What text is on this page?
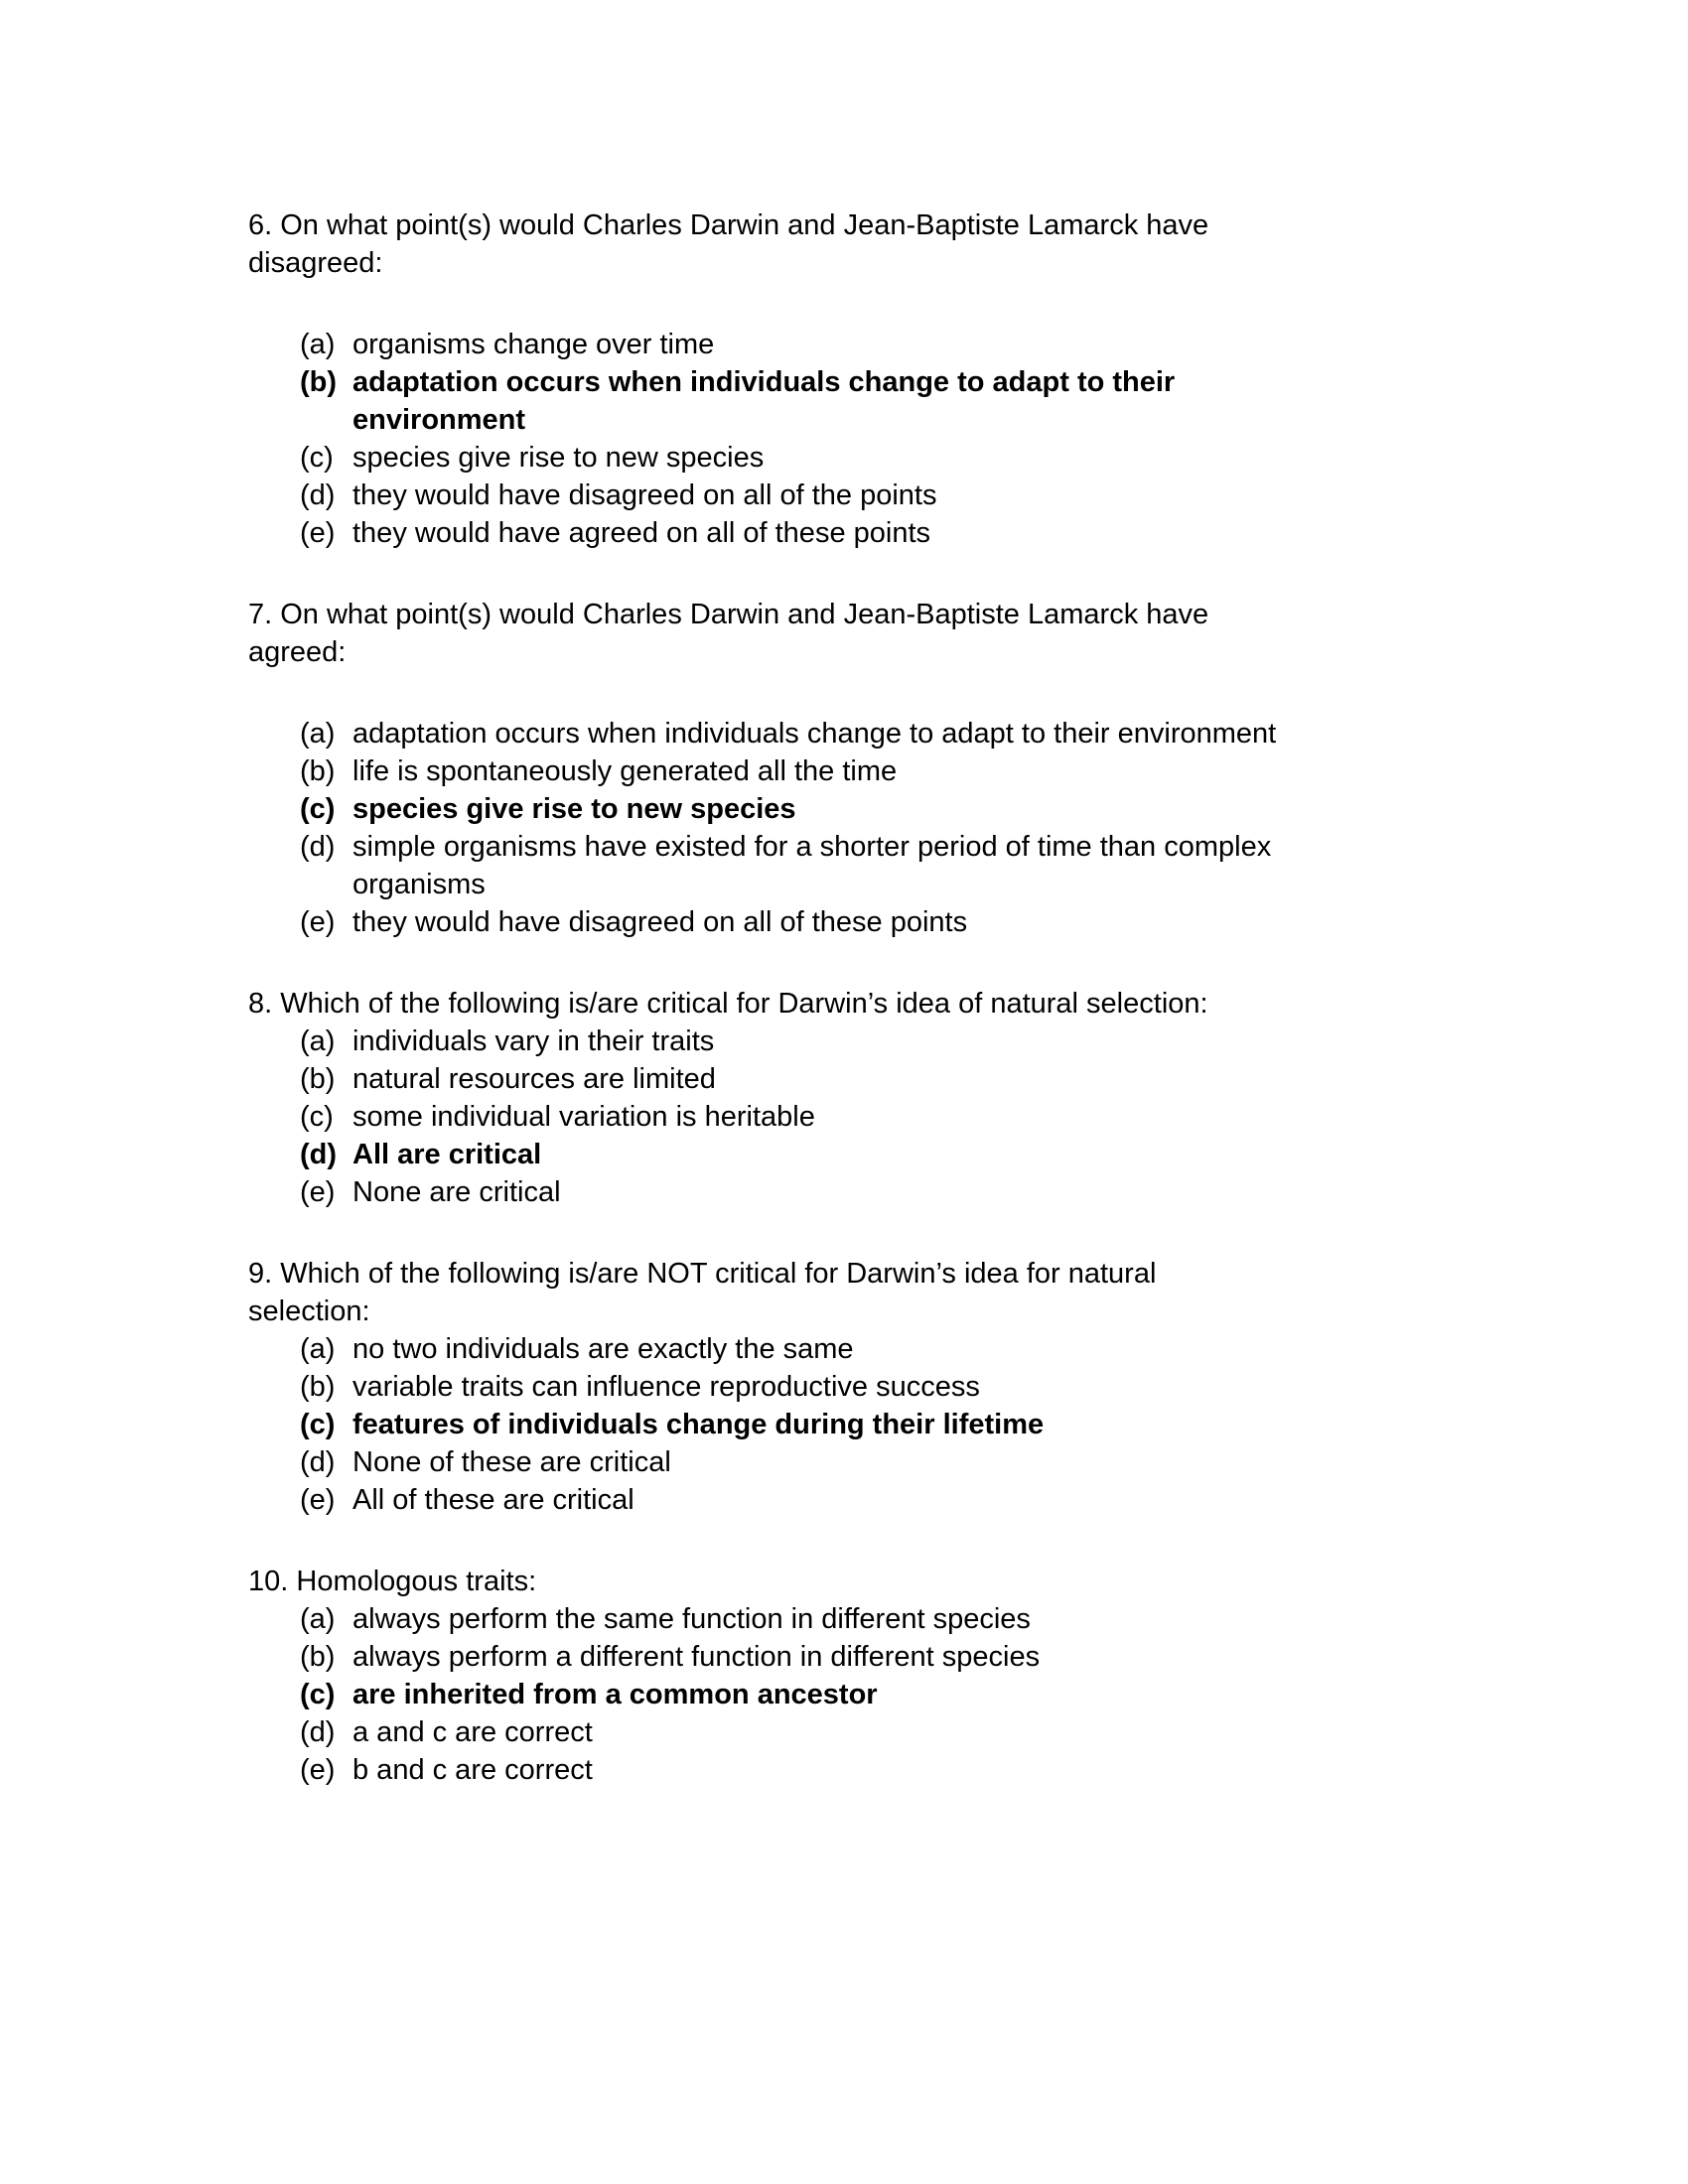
6. On what point(s) would Charles Darwin and Jean-Baptiste Lamarck have
disagreed:
(a) organisms change over time
(b) adaptation occurs when individuals change to adapt to their
environment
(c) species give rise to new species
(d) they would have disagreed on all of the points
(e) they would have agreed on all of these points
7. On what point(s) would Charles Darwin and Jean-Baptiste Lamarck have
agreed:
(a) adaptation occurs when individuals change to adapt to their environment
(b) life is spontaneously generated all the time
(c) species give rise to new species
(d) simple organisms have existed for a shorter period of time than complex
organisms
(e) they would have disagreed on all of these points
8. Which of the following is/are critical for Darwin’s idea of natural selection:
(a) individuals vary in their traits
(b) natural resources are limited
(c) some individual variation is heritable
(d) All are critical
(e) None are critical
9. Which of the following is/are NOT critical for Darwin’s idea for natural
selection:
(a) no two individuals are exactly the same
(b) variable traits can influence reproductive success
(c) features of individuals change during their lifetime
(d) None of these are critical
(e) All of these are critical
10. Homologous traits:
(a) always perform the same function in different species
(b) always perform a different function in different species
(c) are inherited from a common ancestor
(d) a and c are correct
(e) b and c are correct
